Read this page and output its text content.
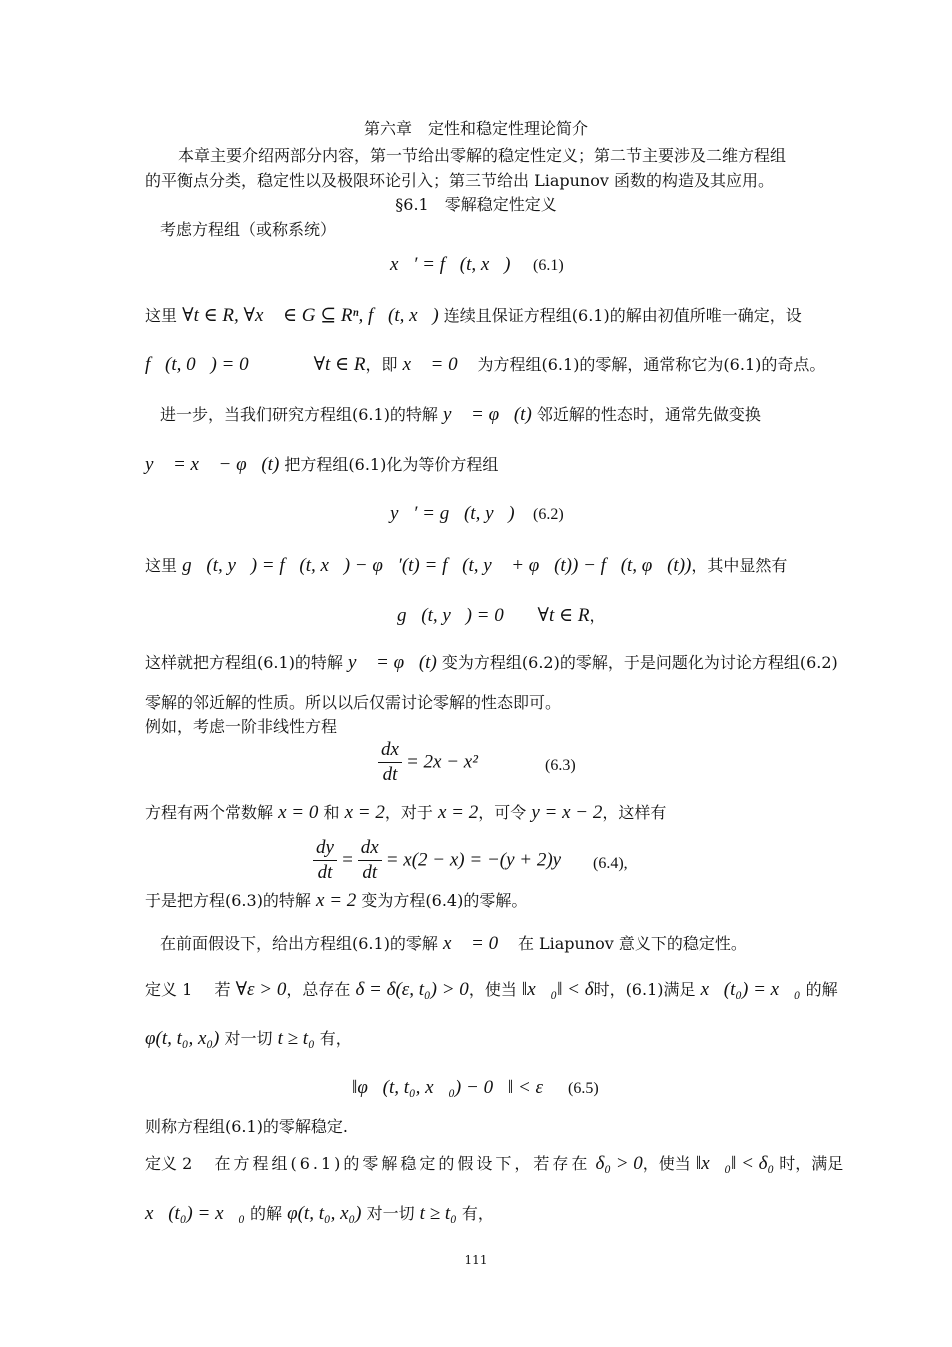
第六章　定性和稳定性理论简介
本章主要介绍两部分内容，第一节给出零解的稳定性定义；第二节主要涉及二维方程组
的平衡点分类，稳定性以及极限环论引入；第三节给出 Liapunov 函数的构造及其应用。
§6.1　零解稳定性定义
考虑方程组（或称系统）
x⃗′ = f⃗(t, x⃗) (6.1)
这里 ∀t ∈ R, ∀x⃗ ∈ G ⊆ Rⁿ, f⃗(t, x⃗) 连续且保证方程组(6.1)的解由初值所唯一确定，设
f⃗(t, 0⃗) = 0⃗	∀t ∈ R，即 x⃗ = 0⃗ 为方程组(6.1)的零解，通常称它为(6.1)的奇点。
进一步，当我们研究方程组(6.1)的特解 y⃗ = φ⃗(t) 邻近解的性态时，通常先做变换
y⃗ = x⃗ − φ⃗(t) 把方程组(6.1)化为等价方程组
y⃗′ = g⃗(t, y⃗) (6.2)
这里 g⃗(t, y⃗) = f⃗(t, x⃗) − φ⃗′(t) = f⃗(t, y⃗ + φ⃗(t)) − f⃗(t, φ⃗(t))，其中显然有
g⃗(t, y⃗) = 0⃗　∀t ∈ R，
这样就把方程组(6.1)的特解 y⃗ = φ⃗(t) 变为方程组(6.2)的零解，于是问题化为讨论方程组(6.2)
零解的邻近解的性质。所以以后仅需讨论零解的性态即可。
例如，考虑一阶非线性方程
$\frac{dx}{dt} = 2x - x^2$	(6.3)
方程有两个常数解 x = 0 和 x = 2，对于 x = 2，可令 y = x − 2，这样有
$\frac{dy}{dt} = \frac{dx}{dt} = x(2 - x) = -(y + 2)y$ (6.4),
于是把方程(6.3)的特解 x = 2 变为方程(6.4)的零解。
在前面假设下，给出方程组(6.1)的零解 x⃗ = 0⃗ 在 Liapunov 意义下的稳定性。
定义 1 若 ∀ε > 0，总存在 δ = δ(ε, t₀) > 0，使当 ‖x⃗₀‖ < δ时，(6.1)满足 x⃗(t₀) = x⃗₀ 的解
φ(t, t₀, x₀) 对一切 t ≥ t₀ 有，
‖φ⃗(t, t₀, x⃗₀) − 0⃗‖ < ε (6.5)
则称方程组(6.1)的零解稳定.
定义 2 在方程组(6.1)的零解稳定的假设下，若存在 δ₀ > 0，使当 ‖x⃗₀‖ < δ₀ 时，满足
x⃗(t₀) = x⃗₀ 的解 φ(t, t₀, x₀) 对一切 t ≥ t₀ 有，
111
